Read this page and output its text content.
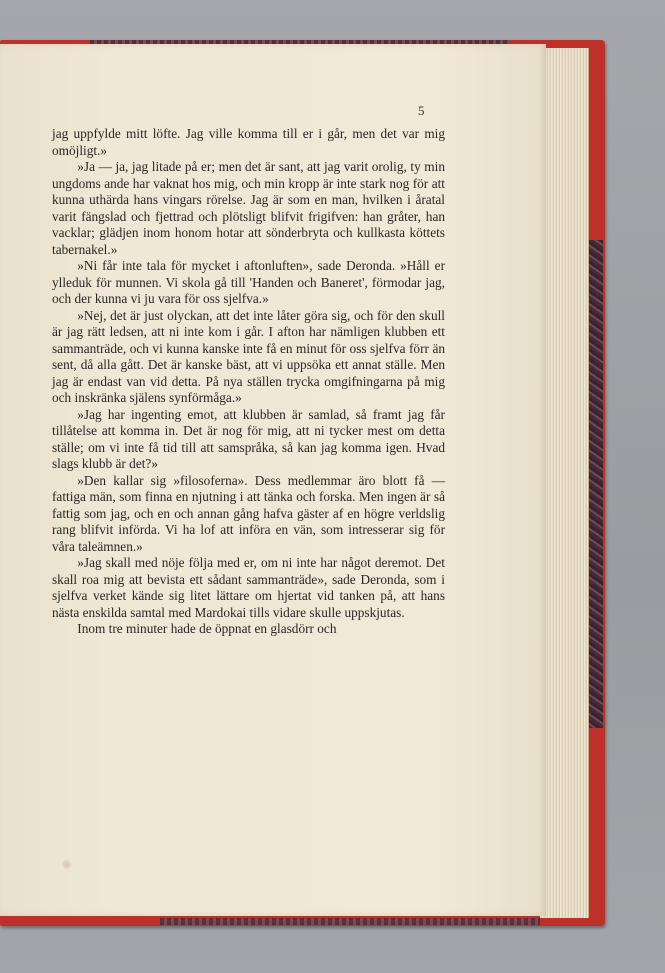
5

jag uppfylde mitt löfte. Jag ville komma till er i går, men det var mig omöjligt.»

»Ja — ja, jag litade på er; men det är sant, att jag varit orolig, ty min ungdoms ande har vaknat hos mig, och min kropp är inte stark nog för att kunna uthärda hans vingars rörelse. Jag är som en man, hvilken i åratal varit fängslad och fjettrad och plötsligt blifvit frigifven: han gråter, han vacklar; glädjen inom honom hotar att sönderbryta och kullkasta köttets tabernakel.»

»Ni får inte tala för mycket i aftonluften», sade Deronda. »Håll er ylleduk för munnen. Vi skola gå till 'Handen och Baneret', förmodar jag, och der kunna vi ju vara för oss sjelfva.»

»Nej, det är just olyckan, att det inte låter göra sig, och för den skull är jag rätt ledsen, att ni inte kom i går. I afton har nämligen klubben ett sammanträde, och vi kunna kanske inte få en minut för oss sjelfva förr än sent, då alla gått. Det är kanske bäst, att vi uppsöka ett annat ställe. Men jag är endast van vid detta. På nya ställen trycka omgifningarna på mig och inskränka själens synförmåga.»

»Jag har ingenting emot, att klubben är samlad, så framt jag får tillåtelse att komma in. Det är nog för mig, att ni tycker mest om detta ställe; om vi inte få tid till att samspråka, så kan jag komma igen. Hvad slags klubb är det?»

»Den kallar sig »filosoferna». Dess medlemmar äro blott få — fattiga män, som finna en njutning i att tänka och forska. Men ingen är så fattig som jag, och en och annan gång hafva gäster af en högre verldslig rang blifvit införda. Vi ha lof att införa en vän, som intresserar sig för våra taleämnen.»

»Jag skall med nöje följa med er, om ni inte har något deremot. Det skall roa mig att bevista ett sådant sammanträde», sade Deronda, som i sjelfva verket kände sig litet lättare om hjertat vid tanken på, att hans nästa enskilda samtal med Mardokai tills vidare skulle uppskjutas.

Inom tre minuter hade de öppnat en glasdörr och
